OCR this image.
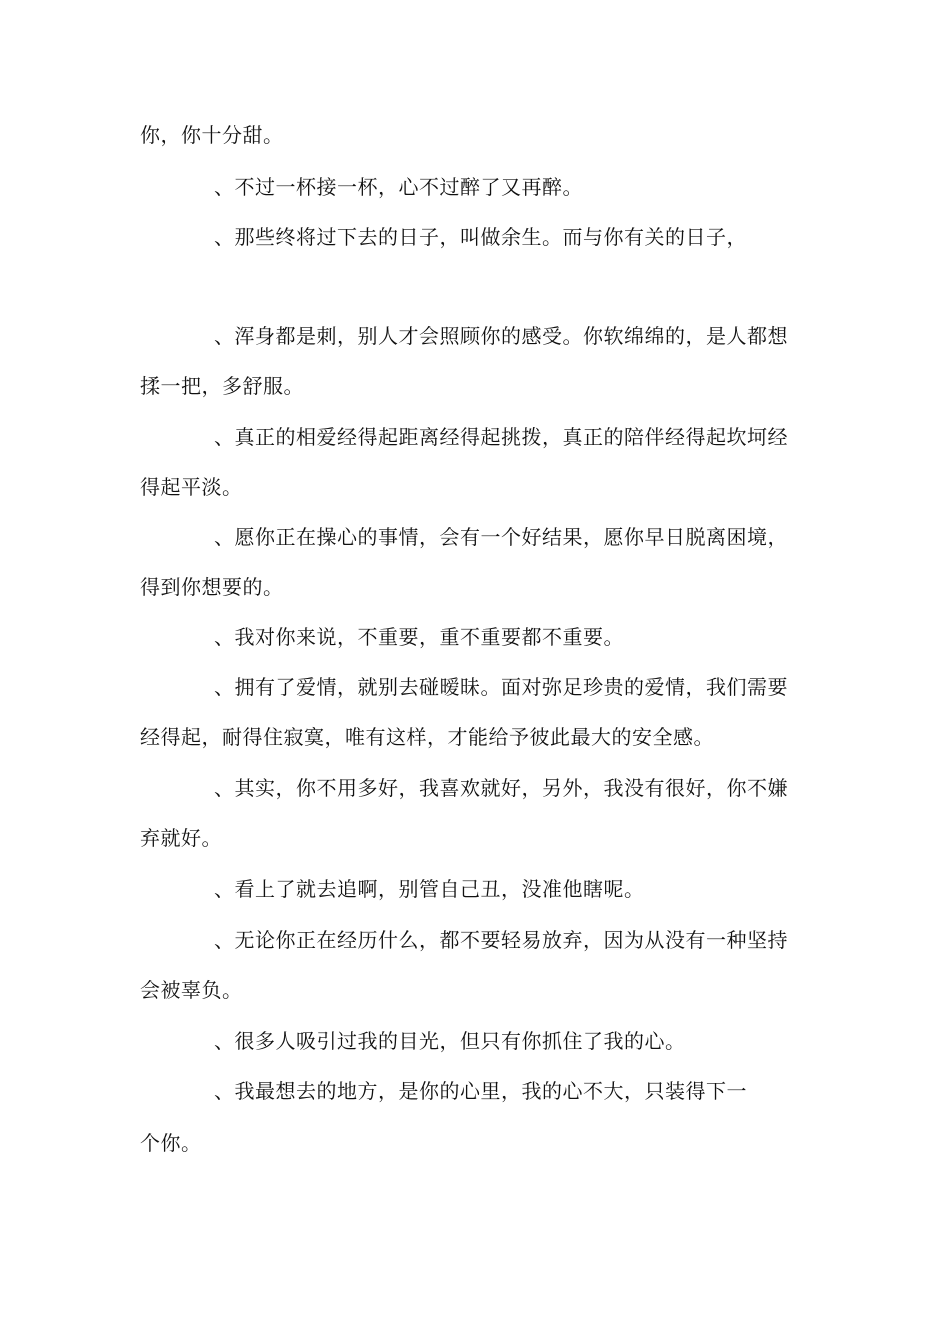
你，你十分甜。
、不过一杯接一杯，心不过醉了又再醉。
、那些终将过下去的日子，叫做余生。而与你有关的日子，
、浑身都是刺，别人才会照顾你的感受。你软绵绵的，是人都想
揉一把，多舒服。
、真正的相爱经得起距离经得起挑拨，真正的陪伴经得起坎坷经
得起平淡。
、愿你正在操心的事情，会有一个好结果，愿你早日脱离困境，
得到你想要的。
、我对你来说，不重要，重不重要都不重要。
、拥有了爱情，就别去碰暧昧。面对弥足珍贵的爱情，我们需要
经得起，耐得住寂寞，唯有这样，才能给予彼此最大的安全感。
、其实，你不用多好，我喜欢就好，另外，我没有很好，你不嫌
弃就好。
、看上了就去追啊，别管自己丑，没准他瞎呢。
、无论你正在经历什么，都不要轻易放弃，因为从没有一种坚持
会被辜负。
、很多人吸引过我的目光，但只有你抓住了我的心。
、我最想去的地方，是你的心里，我的心不大，只装得下一
个你。
